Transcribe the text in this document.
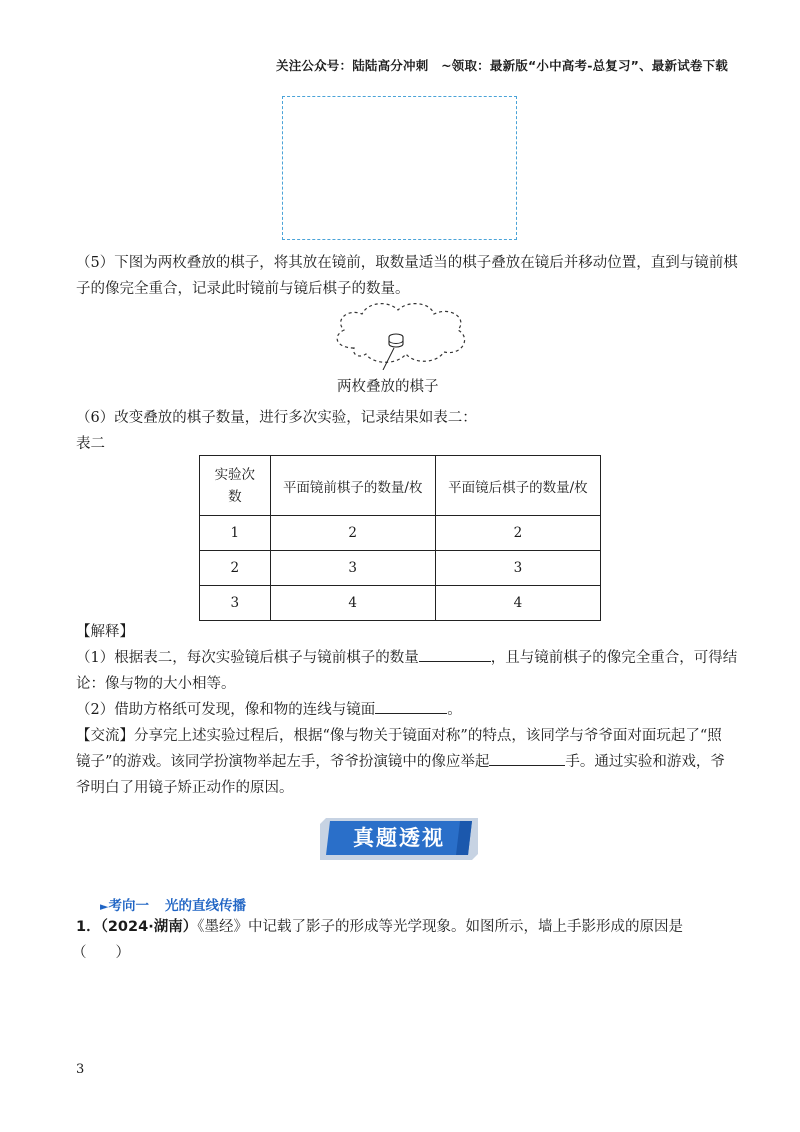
关注公众号：陆陆高分冲刺　~领取：最新版“小中高考-总复习”、最新试卷下载
（5）下图为两枚叠放的棋子，将其放在镜前，取数量适当的棋子叠放在镜后并移动位置，直到与镜前棋
子的像完全重合，记录此时镜前与镜后棋子的数量。
两枚叠放的棋子
（6）改变叠放的棋子数量，进行多次实验，记录结果如表二：
表二
实验次数	平面镜前棋子的数量/枚	平面镜后棋子的数量/枚
1	2	2
2	3	3
3	4	4
【解释】
（1）根据表二，每次实验镜后棋子与镜前棋子的数量	，且与镜前棋子的像完全重合，可得结
论：像与物的大小相等。
（2）借助方格纸可发现，像和物的连线与镜面	。
【交流】分享完上述实验过程后，根据“像与物关于镜面对称”的特点，该同学与爷爷面对面玩起了“照
镜子”的游戏。该同学扮演物举起左手，爷爷扮演镜中的像应举起	手。通过实验和游戏，爷
爷明白了用镜子矫正动作的原因。
真题透视
►考向一 光的直线传播
1．（2024·湖南）《墨经》中记载了影子的形成等光学现象。如图所示，墙上手影形成的原因是
（　　）
3
